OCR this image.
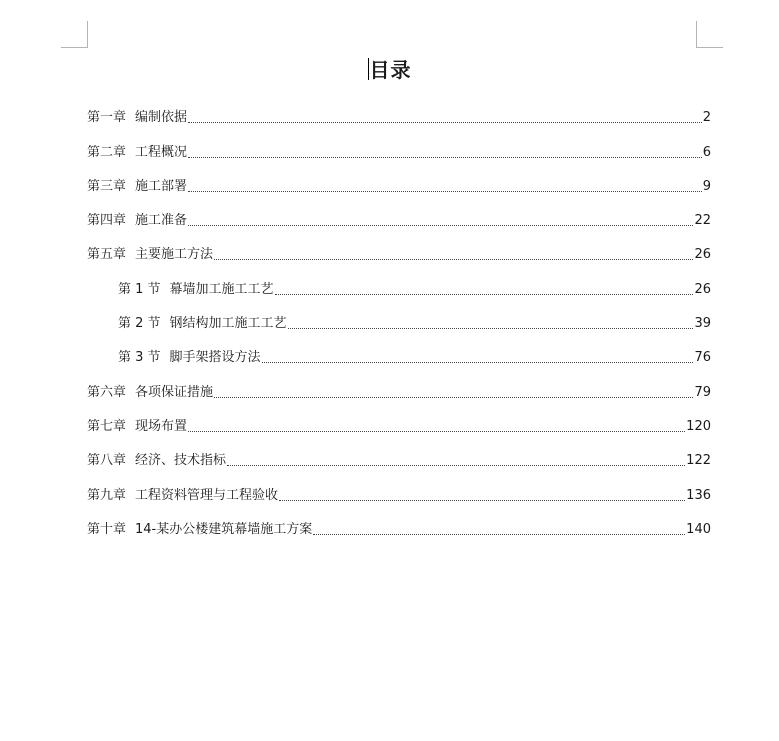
目录
第一章 编制依据	2
第二章 工程概况	6
第三章 施工部署	9
第四章 施工准备	22
第五章 主要施工方法	26
第 1 节 幕墙加工施工工艺	26
第 2 节 钢结构加工施工工艺	39
第 3 节 脚手架搭设方法	76
第六章 各项保证措施	79
第七章 现场布置	120
第八章 经济、技术指标	122
第九章 工程资料管理与工程验收	136
第十章 14-某办公楼建筑幕墙施工方案	140
